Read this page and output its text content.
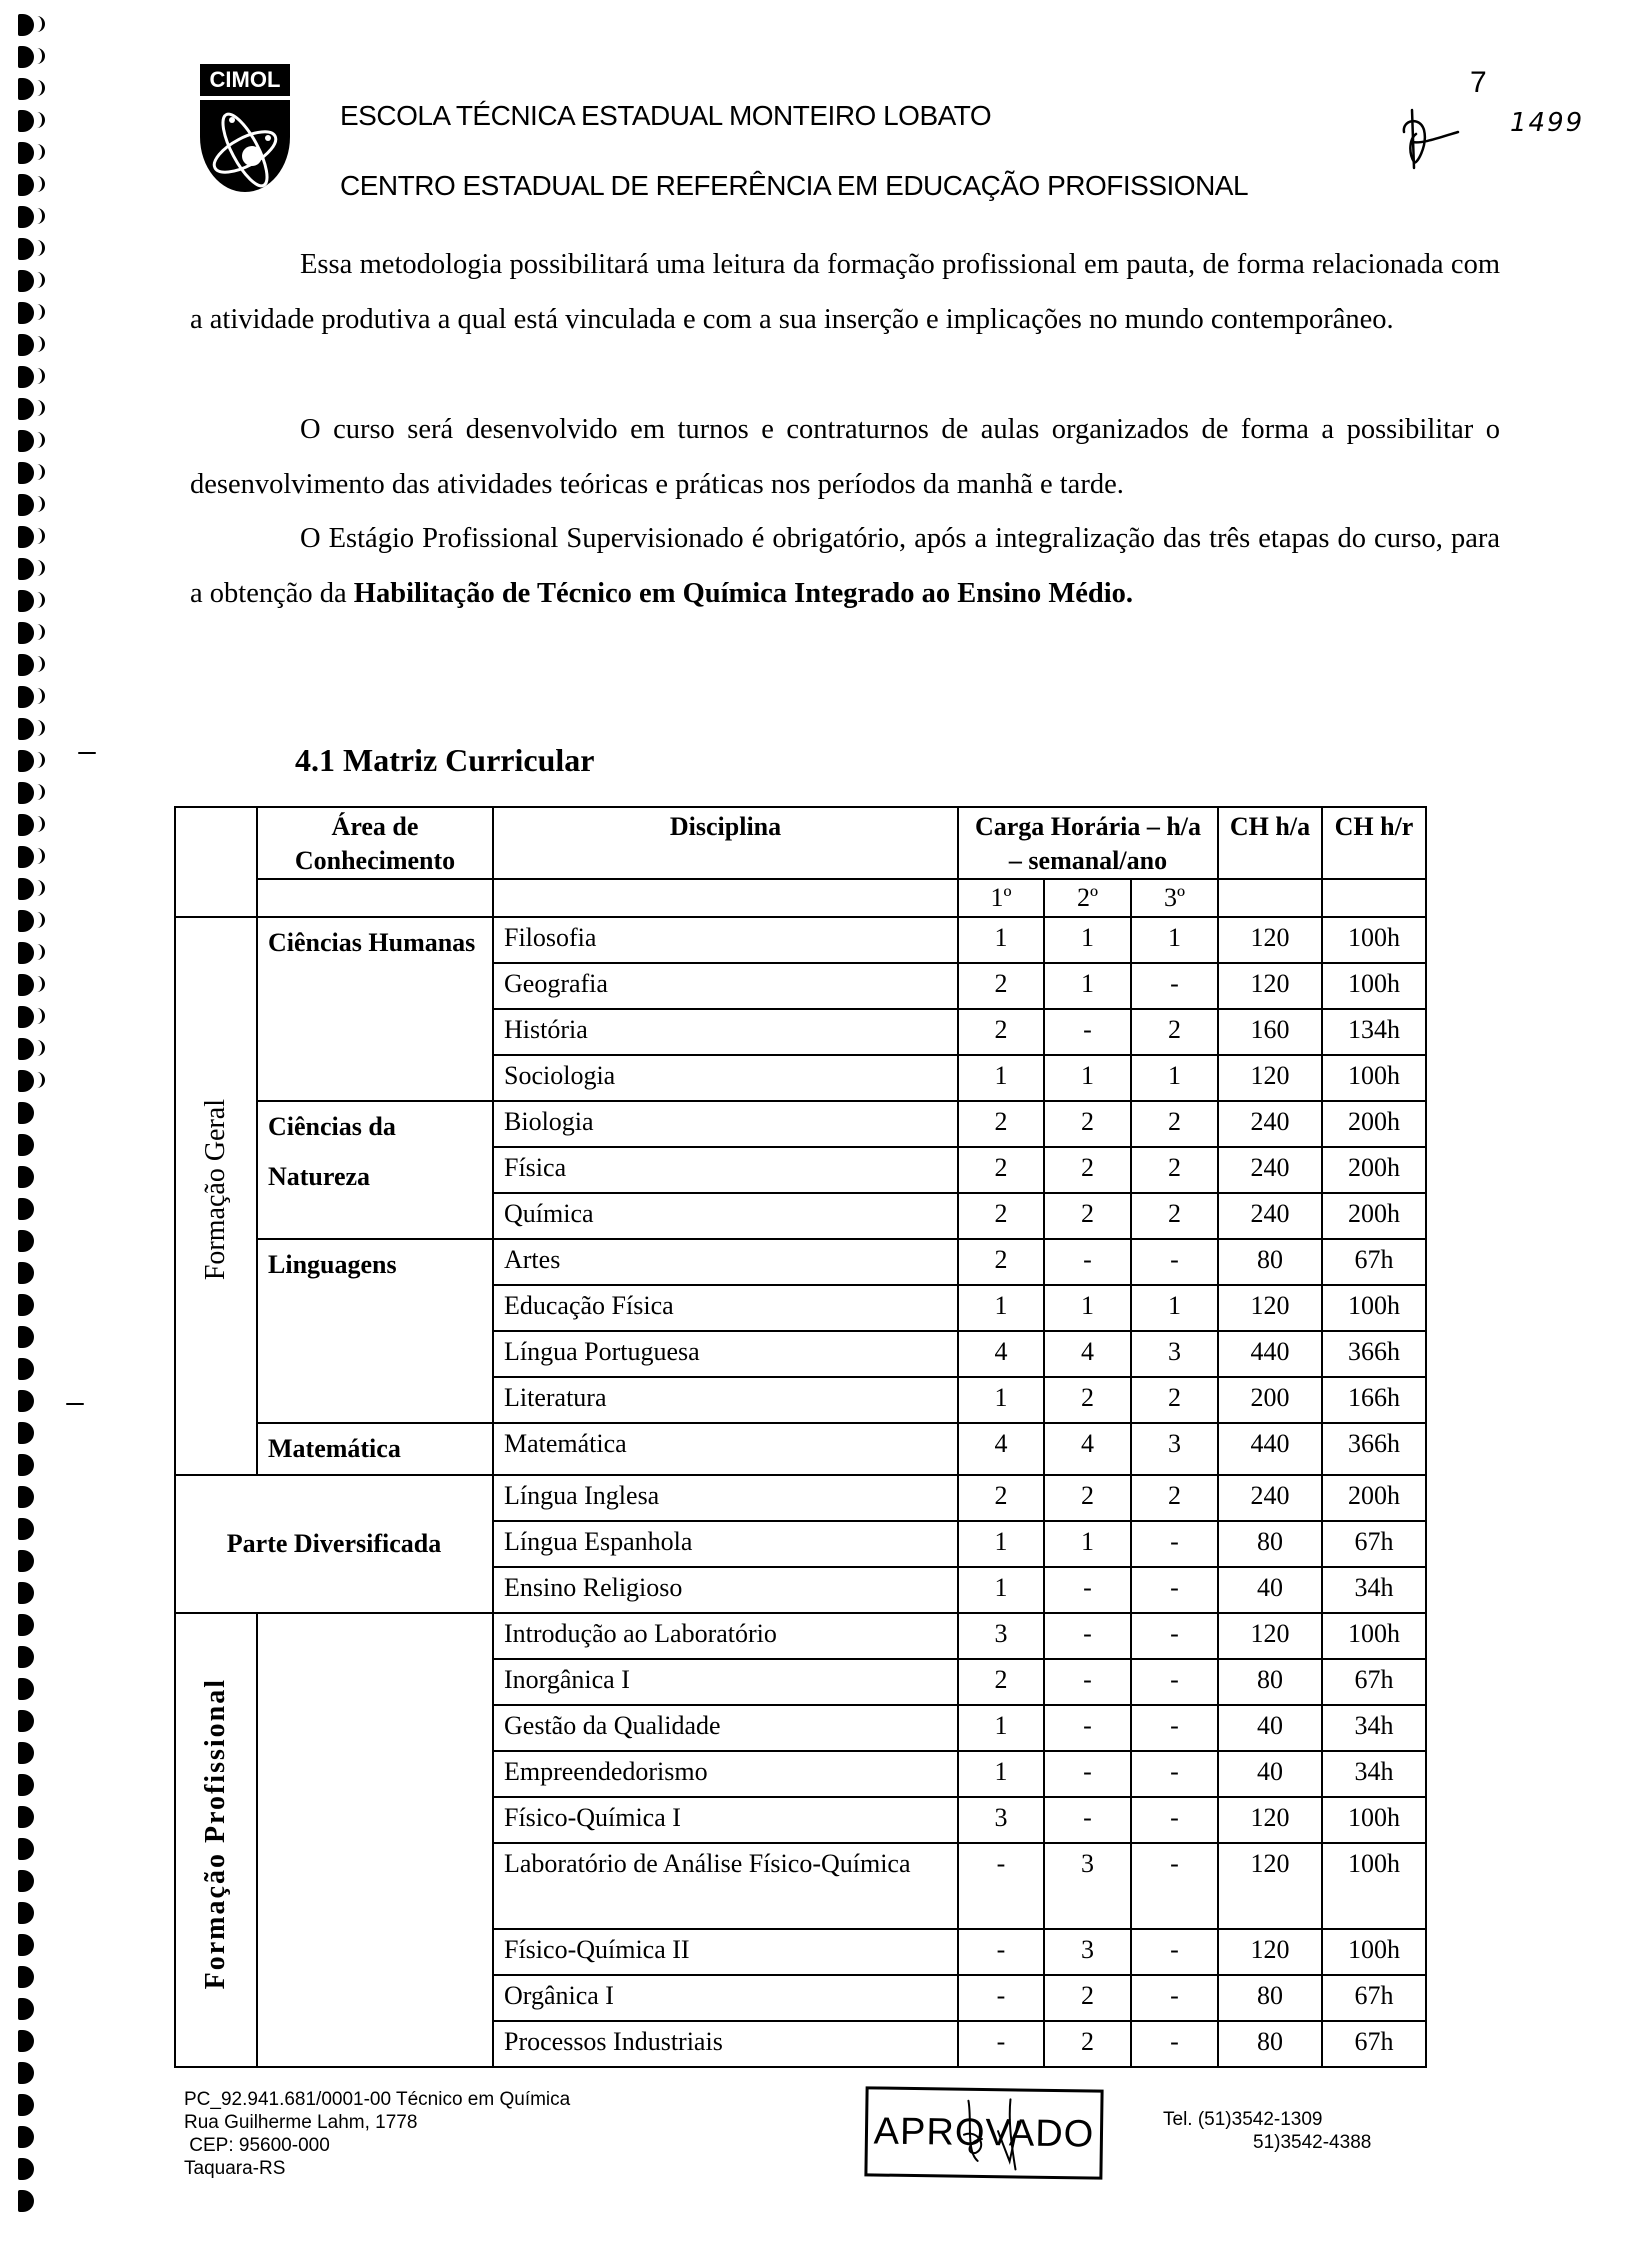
CIMOL
ESCOLA TÉCNICA ESTADUAL MONTEIRO LOBATO
CENTRO ESTADUAL DE REFERÊNCIA EM EDUCAÇÃO PROFISSIONAL
7
1499
Essa metodologia possibilitará uma leitura da formação profissional em pauta, de forma relacionada com a atividade produtiva a qual está vinculada e com a sua inserção e implicações no mundo contemporâneo.
O curso será desenvolvido em turnos e contraturnos de aulas organizados de forma a possibilitar o desenvolvimento das atividades teóricas e práticas nos períodos da manhã e tarde.
O Estágio Profissional Supervisionado é obrigatório, após a integralização das três etapas do curso, para a obtenção da Habilitação de Técnico em Química Integrado ao Ensino Médio.
4.1 Matriz Curricular
	Área de Conhecimento	Disciplina	Carga Horária – h/a – semanal/ano			CH h/a	CH h/r
			1º	2º	3º		
Formação Geral	Ciências Humanas	Filosofia	1	1	1	120	100h
		Geografia	2	1	-	120	100h
		História	2	-	2	160	134h
		Sociologia	1	1	1	120	100h
	Ciências da Natureza	Biologia	2	2	2	240	200h
		Física	2	2	2	240	200h
		Química	2	2	2	240	200h
	Linguagens	Artes	2	-	-	80	67h
		Educação Física	1	1	1	120	100h
		Língua Portuguesa	4	4	3	440	366h
		Literatura	1	2	2	200	166h
	Matemática	Matemática	4	4	3	440	366h
Parte Diversificada		Língua Inglesa	2	2	2	240	200h
		Língua Espanhola	1	1	-	80	67h
		Ensino Religioso	1	-	-	40	34h
Formação Profissional		Introdução ao Laboratório	3	-	-	120	100h
		Inorgânica I	2	-	-	80	67h
		Gestão da Qualidade	1	-	-	40	34h
		Empreendedorismo	1	-	-	40	34h
		Físico-Química I	3	-	-	120	100h
		Laboratório de Análise Físico-Química	-	3	-	120	100h
		Físico-Química II	-	3	-	120	100h
		Orgânica I	-	2	-	80	67h
		Processos Industriais	-	2	-	80	67h
PC_92.941.681/0001-00 Técnico em Química
Rua Guilherme Lahm, 1778
CEP: 95600-000
Taquara-RS
APROVADO	Tel. (51)3542-1309
51)3542-4388
